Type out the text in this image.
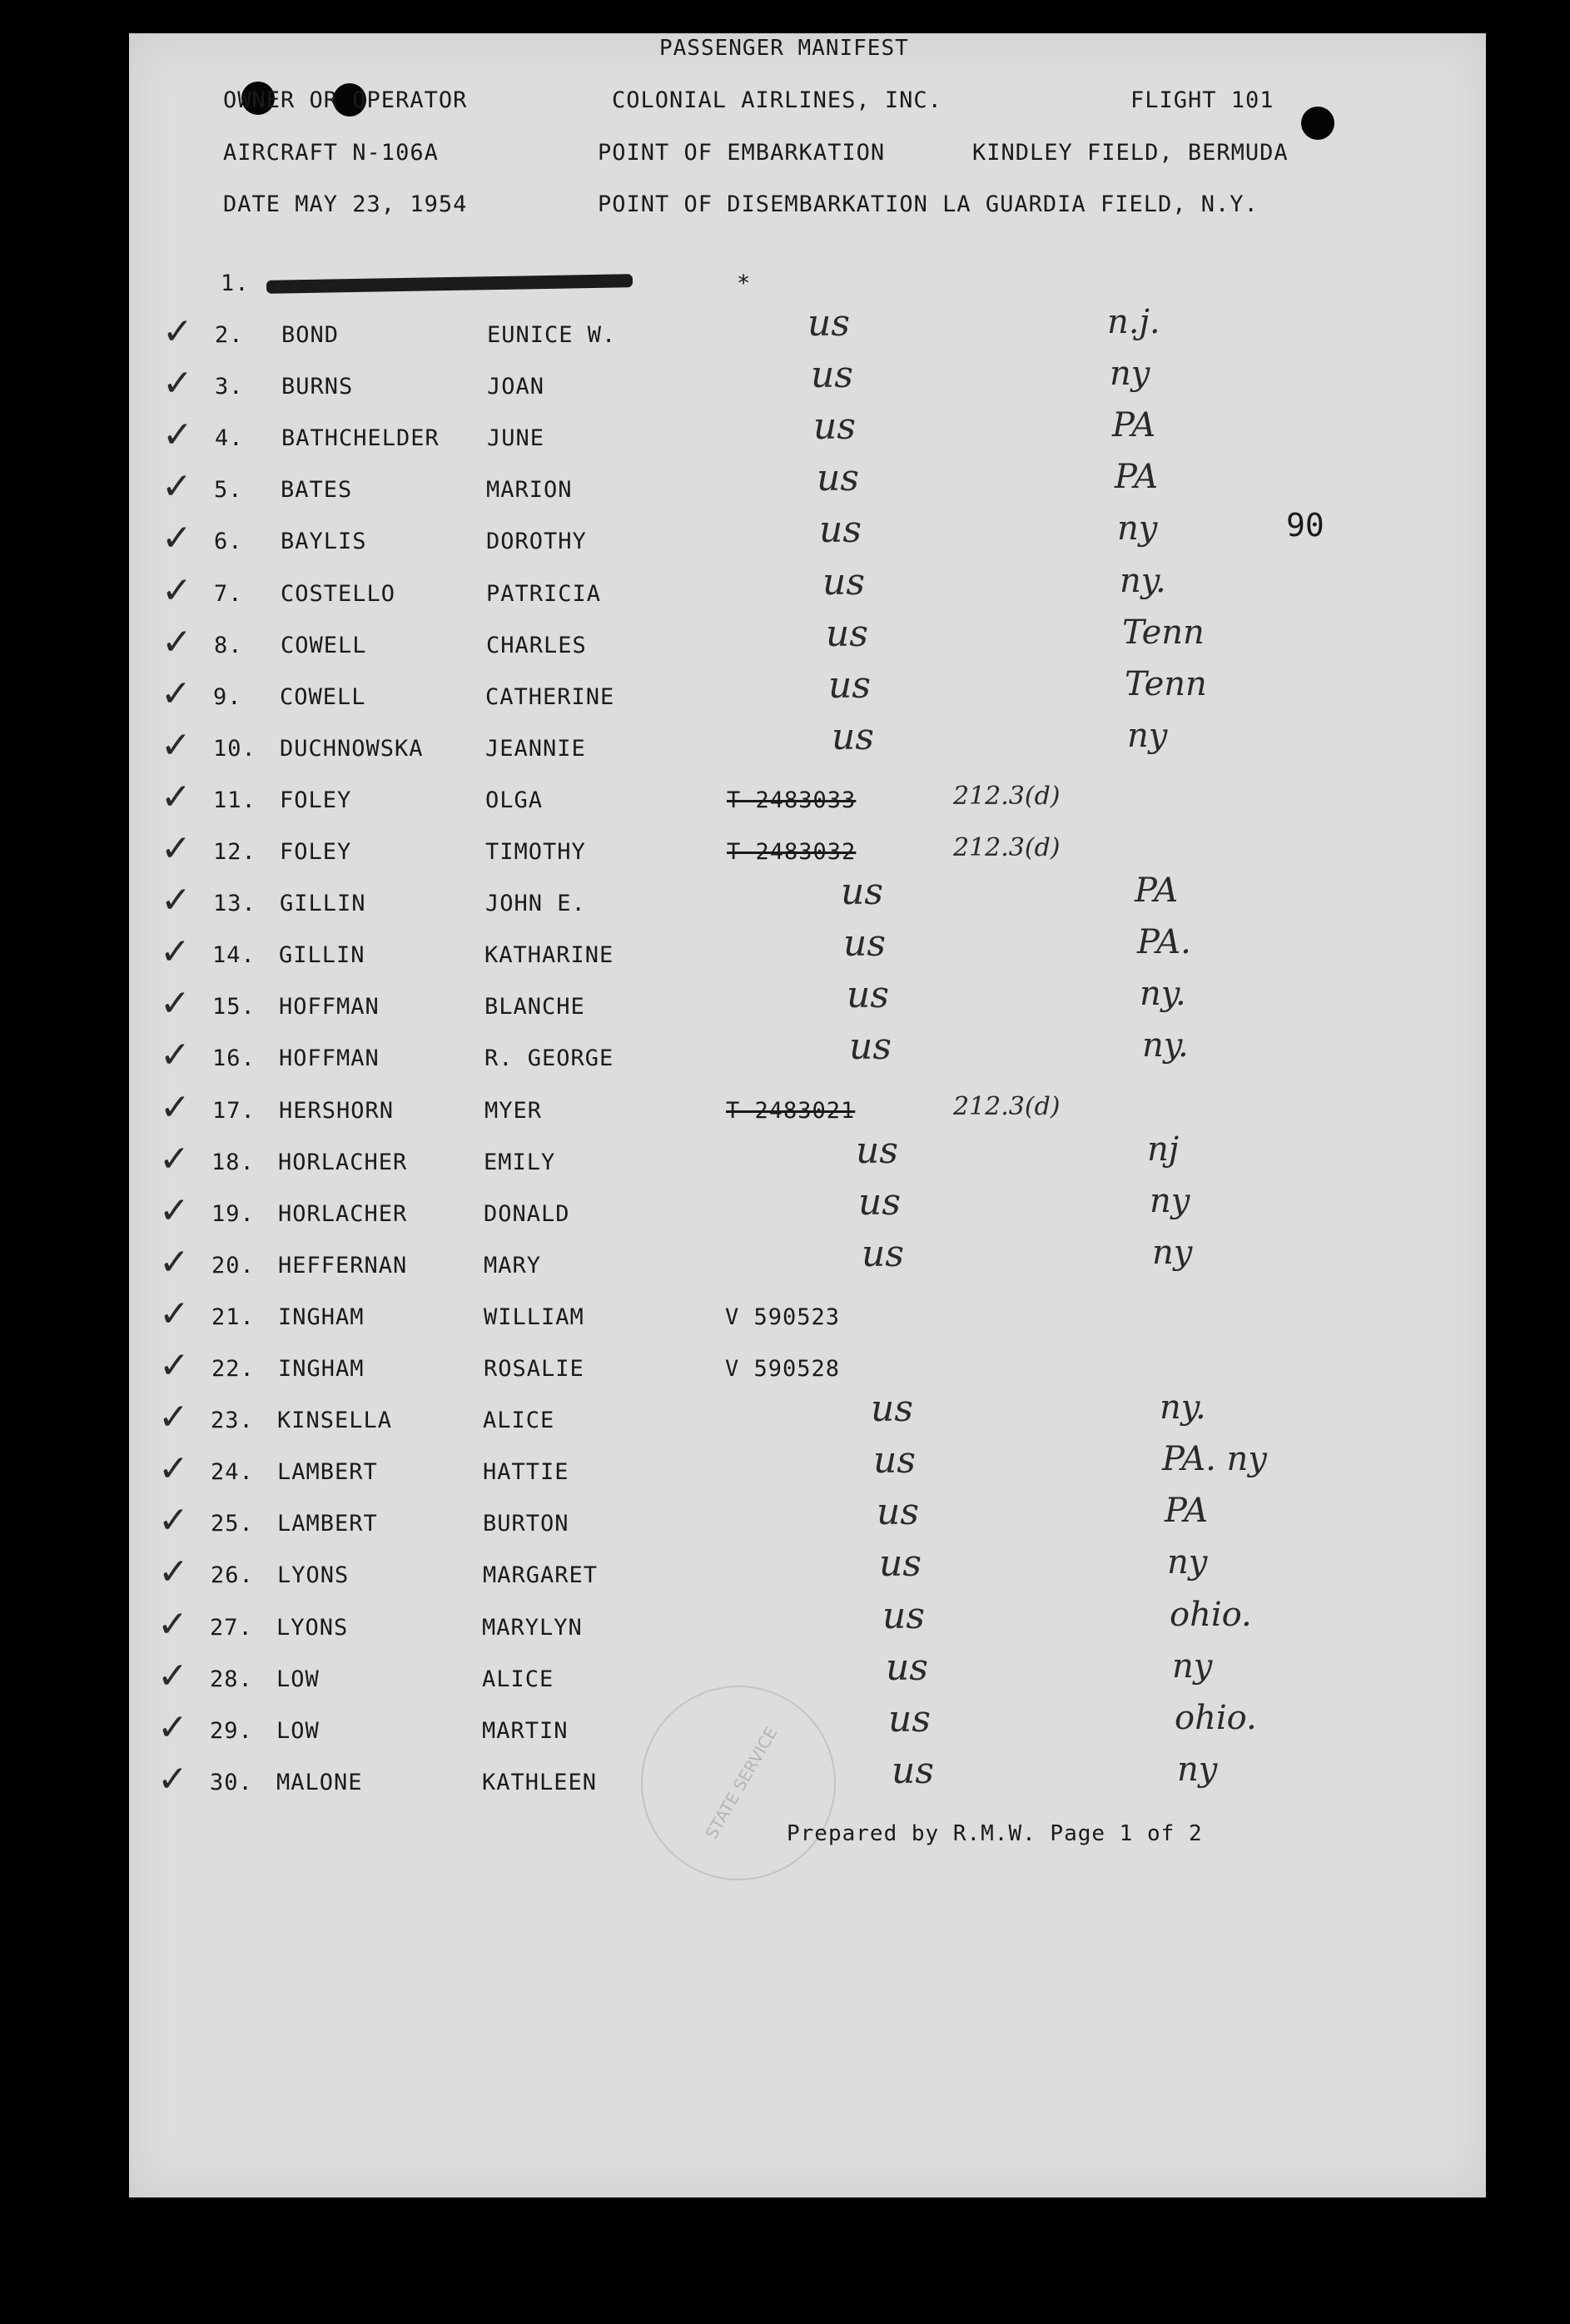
STATE SERVICE
PASSENGER MANIFEST
OWNER OR OPERATOR	COLONIAL AIRLINES, INC.	FLIGHT 101
AIRCRAFT N-106A	POINT OF EMBARKATION	KINDLEY FIELD, BERMUDA
DATE MAY 23, 1954	POINT OF DISEMBARKATION LA GUARDIA FIELD, N.Y.
90
1.	*
✓ 2. BOND	EUNICE W.	us	n.j.
✓ 3. BURNS	JOAN	us	ny
✓ 4. BATHCHELDER JUNE	us	PA
✓ 5. BATES	MARION	us	PA
✓ 6. BAYLIS	DOROTHY	us	ny
✓ 7. COSTELLO	PATRICIA	us	ny.
✓ 8. COWELL	CHARLES	us	Tenn
✓ 9. COWELL	CATHERINE	us	Tenn
✓ 10. DUCHNOWSKA	JEANNIE	us	ny
✓ 11. FOLEY	OLGA	T 2483033	212.3(d)
✓ 12. FOLEY	TIMOTHY	T 2483032	212.3(d)
✓ 13. GILLIN	JOHN E.	us	PA
✓ 14. GILLIN	KATHARINE	us	PA.
✓ 15. HOFFMAN	BLANCHE	us	ny.
✓ 16. HOFFMAN	R. GEORGE	us	ny.
✓ 17. HERSHORN	MYER	T 2483021	212.3(d)
✓ 18. HORLACHER	EMILY	us	nj
✓ 19. HORLACHER	DONALD	us	ny
✓ 20. HEFFERNAN	MARY	us	ny
✓ 21. INGHAM	WILLIAM	V 590523
✓ 22. INGHAM	ROSALIE	V 590528
✓ 23. KINSELLA	ALICE	us	ny.
✓ 24. LAMBERT	HATTIE	us	PA. ny
✓ 25. LAMBERT	BURTON	us	PA
✓ 26. LYONS	MARGARET	us	ny
✓ 27. LYONS	MARYLYN	us	ohio.
✓ 28. LOW	ALICE	us	ny
✓ 29. LOW	MARTIN	us	ohio.
✓ 30. MALONE	KATHLEEN	us	ny
Prepared by R.M.W. Page 1 of 2
